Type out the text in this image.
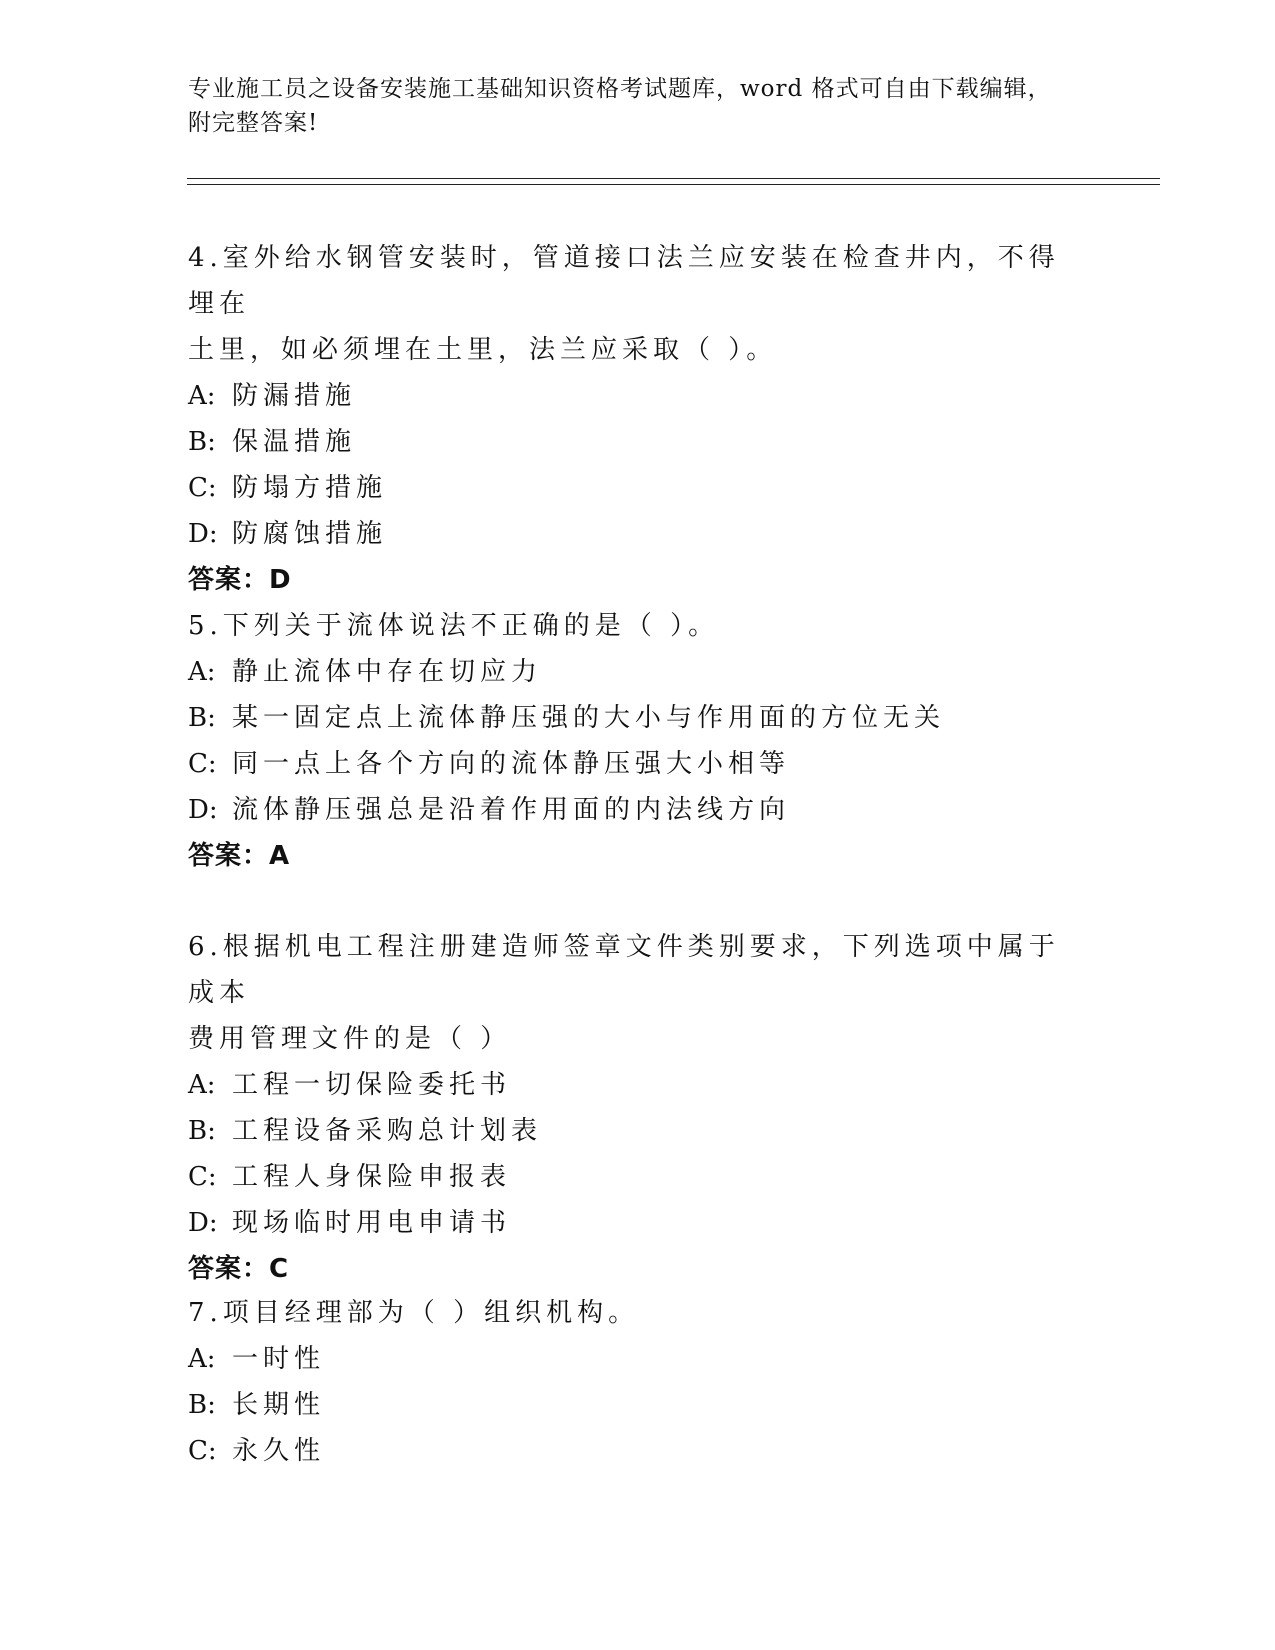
专业施工员之设备安装施工基础知识资格考试题库，word 格式可自由下载编辑，
附完整答案!
4.室外给水钢管安装时，管道接口法兰应安装在检查井内，不得埋在
土里，如必须埋在土里，法兰应采取（ ）。
A: 防漏措施
B: 保温措施
C: 防塌方措施
D: 防腐蚀措施
答案：D
5.下列关于流体说法不正确的是（ ）。
A: 静止流体中存在切应力
B: 某一固定点上流体静压强的大小与作用面的方位无关
C: 同一点上各个方向的流体静压强大小相等
D: 流体静压强总是沿着作用面的内法线方向
答案：A
6.根据机电工程注册建造师签章文件类别要求，下列选项中属于成本
费用管理文件的是（ ）
A: 工程一切保险委托书
B: 工程设备采购总计划表
C: 工程人身保险申报表
D: 现场临时用电申请书
答案：C
7.项目经理部为（ ）组织机构。
A: 一时性
B: 长期性
C: 永久性
